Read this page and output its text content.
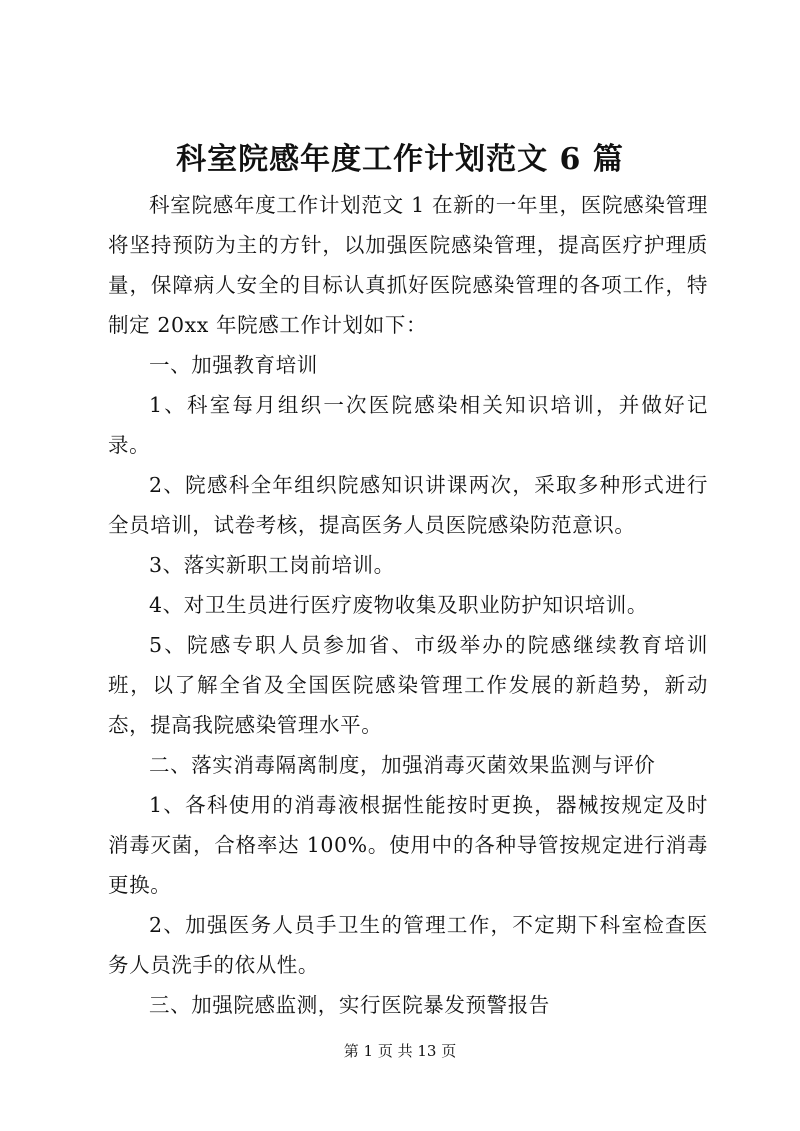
科室院感年度工作计划范文 6 篇

科室院感年度工作计划范文 1 在新的一年里，医院感染管理将坚持预防为主的方针，以加强医院感染管理，提高医疗护理质量，保障病人安全的目标认真抓好医院感染管理的各项工作，特制定 20xx 年院感工作计划如下：

一、加强教育培训

1、科室每月组织一次医院感染相关知识培训，并做好记录。

2、院感科全年组织院感知识讲课两次，采取多种形式进行全员培训，试卷考核，提高医务人员医院感染防范意识。

3、落实新职工岗前培训。

4、对卫生员进行医疗废物收集及职业防护知识培训。

5、院感专职人员参加省、市级举办的院感继续教育培训班，以了解全省及全国医院感染管理工作发展的新趋势，新动态，提高我院感染管理水平。

二、落实消毒隔离制度，加强消毒灭菌效果监测与评价

1、各科使用的消毒液根据性能按时更换，器械按规定及时消毒灭菌，合格率达 100%。使用中的各种导管按规定进行消毒更换。

2、加强医务人员手卫生的管理工作，不定期下科室检查医务人员洗手的依从性。

三、加强院感监测，实行医院暴发预警报告

第 1 页 共 13 页
